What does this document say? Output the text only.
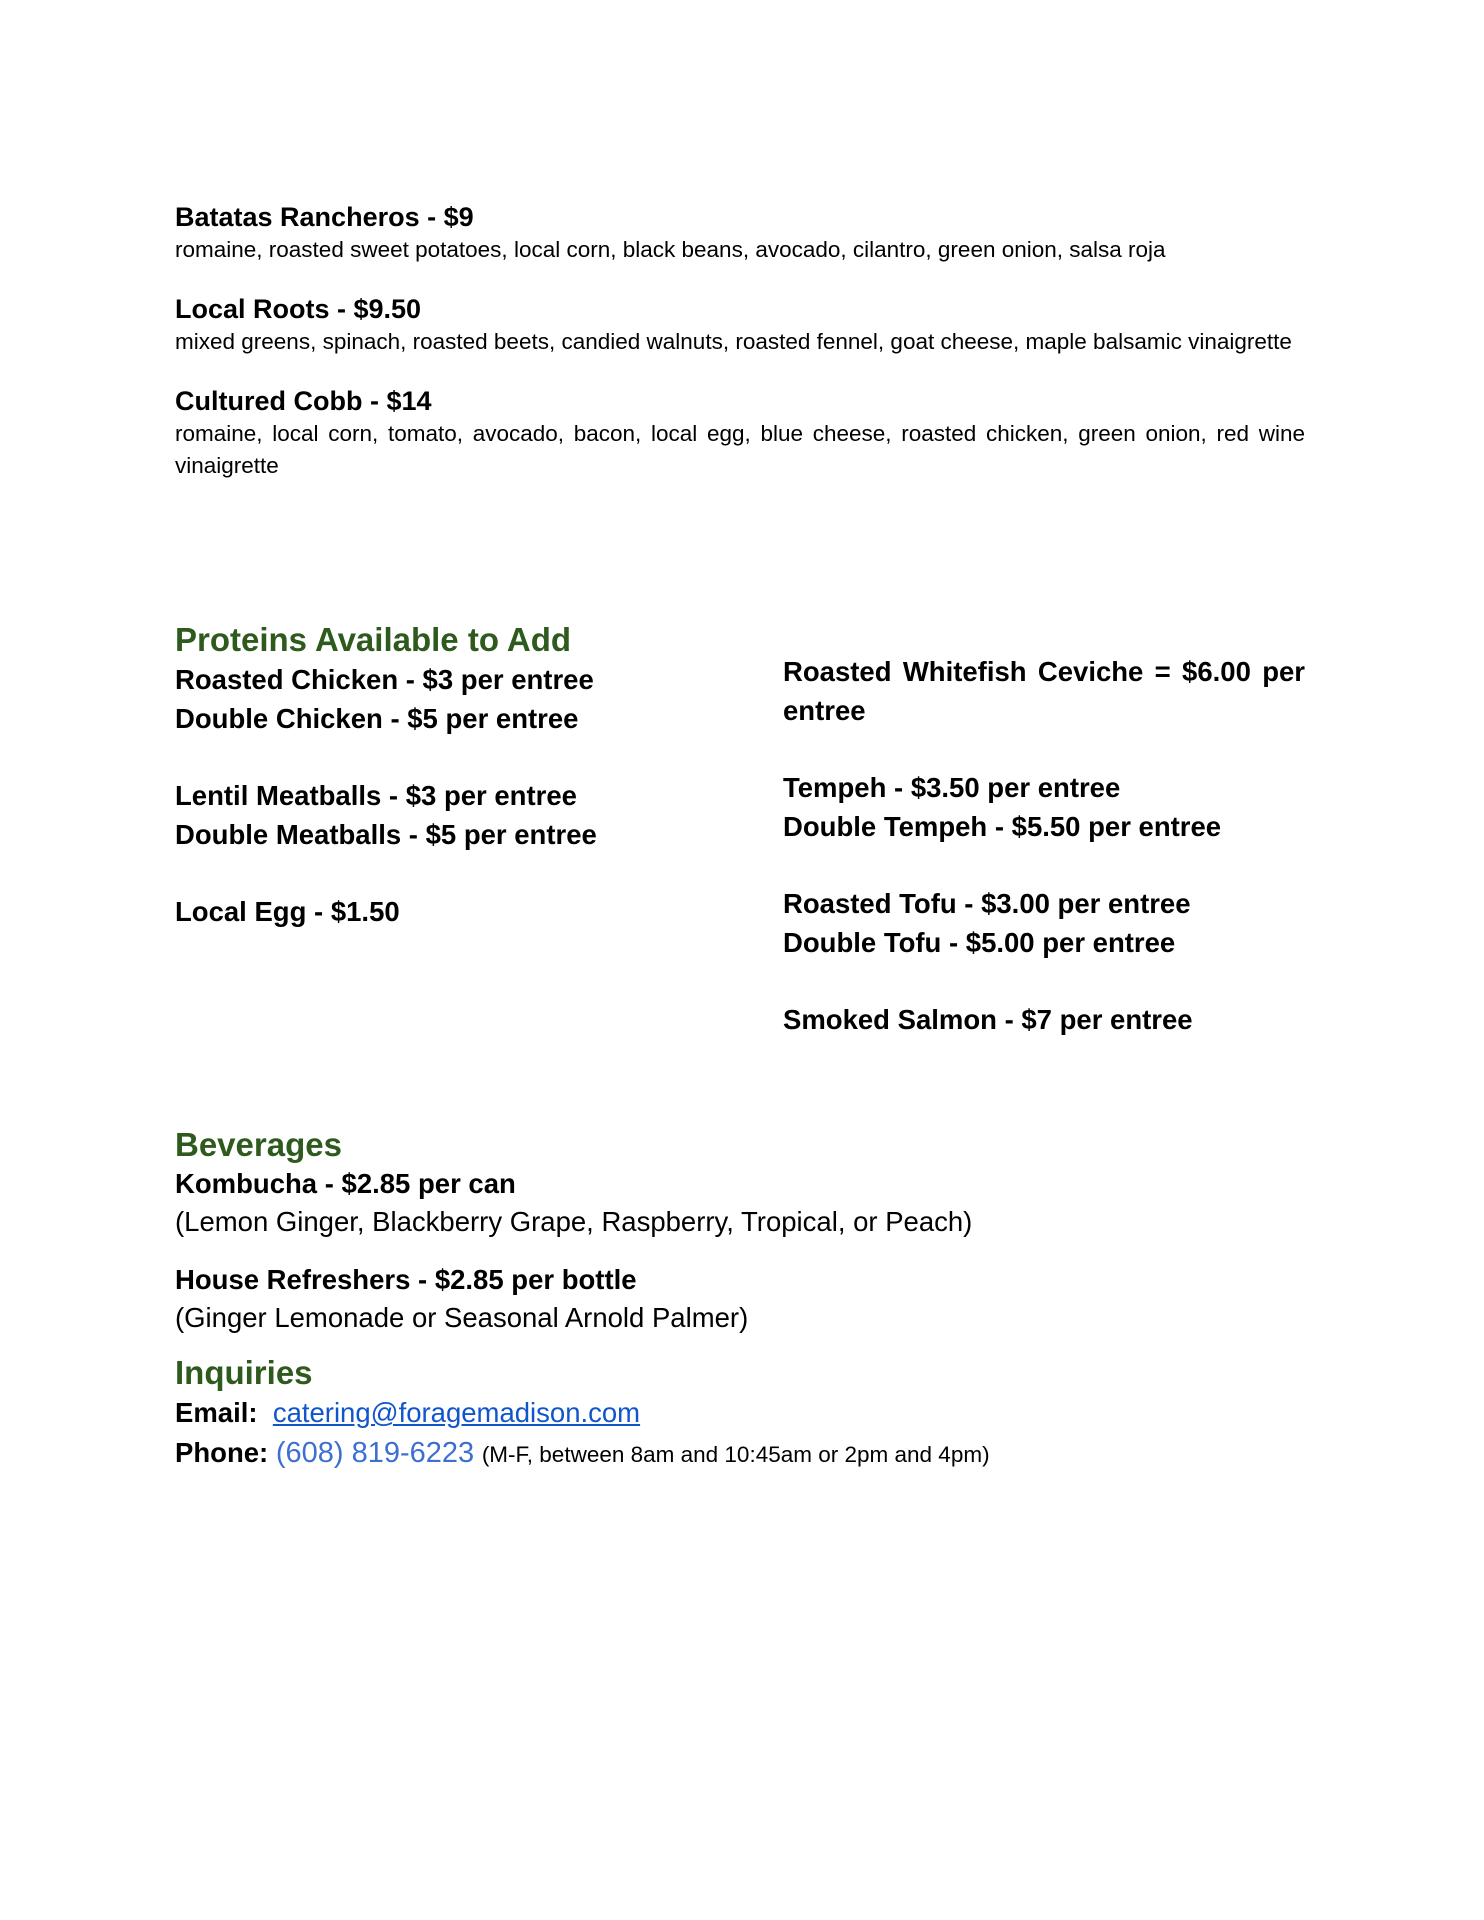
Batatas Rancheros - $9
romaine, roasted sweet potatoes, local corn, black beans, avocado, cilantro, green onion, salsa roja
Local Roots - $9.50
mixed greens, spinach, roasted beets, candied walnuts, roasted fennel, goat cheese, maple balsamic vinaigrette
Cultured Cobb - $14
romaine, local corn, tomato, avocado, bacon, local egg, blue cheese, roasted chicken, green onion, red wine vinaigrette
Proteins Available to Add
Roasted Chicken - $3 per entree
Double Chicken - $5 per entree
Lentil Meatballs - $3 per entree
Double Meatballs - $5 per entree
Local Egg - $1.50
Roasted Whitefish Ceviche = $6.00 per entree
Tempeh - $3.50 per entree
Double Tempeh - $5.50 per entree
Roasted Tofu - $3.00 per entree
Double Tofu - $5.00 per entree
Smoked Salmon - $7 per entree
Beverages
Kombucha - $2.85 per can
(Lemon Ginger, Blackberry Grape, Raspberry, Tropical, or Peach)
House Refreshers - $2.85 per bottle
(Ginger Lemonade or Seasonal Arnold Palmer)
Inquiries
Email: catering@foragemadison.com
Phone: (608) 819-6223 (M-F, between 8am and 10:45am or 2pm and 4pm)
